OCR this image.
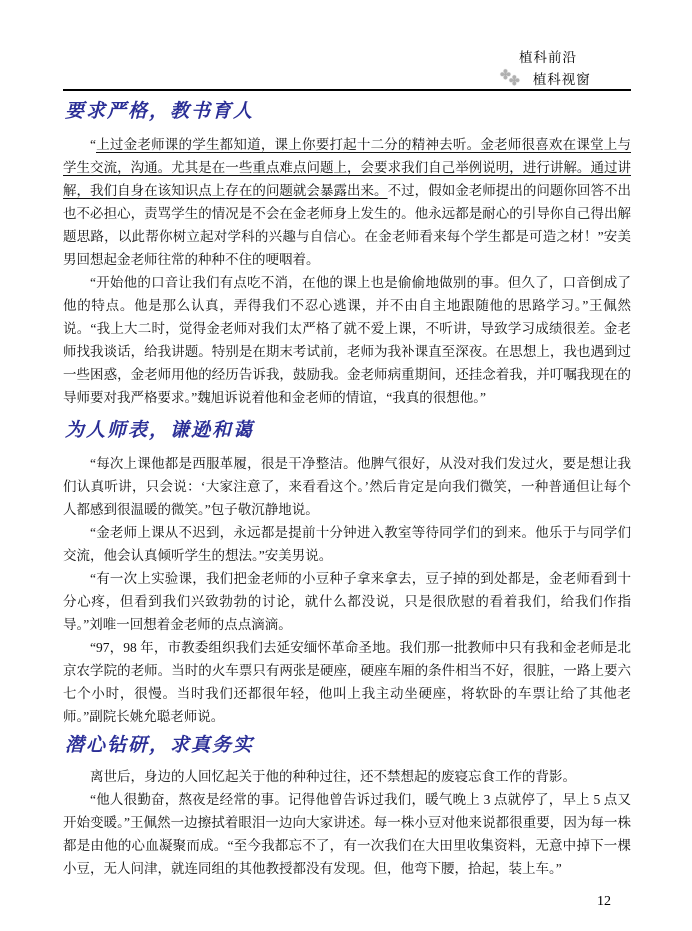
植科前沿
✤
✤ 植科视窗
要求严格，教书育人

“上过金老师课的学生都知道，课上你要打起十二分的精神去听。金老师很喜欢在课堂上与学生交流，沟通。尤其是在一些重点难点问题上，会要求我们自己举例说明，进行讲解。通过讲解，我们自身在该知识点上存在的问题就会暴露出来。不过，假如金老师提出的问题你回答不出也不必担心，责骂学生的情况是不会在金老师身上发生的。他永远都是耐心的引导你自己得出解题思路，以此帮你树立起对学科的兴趣与自信心。在金老师看来每个学生都是可造之材！”安美男回想起金老师往常的种种不住的哽咽着。

“开始他的口音让我们有点吃不消，在他的课上也是偷偷地做别的事。但久了，口音倒成了他的特点。他是那么认真，弄得我们不忍心逃课，并不由自主地跟随他的思路学习。”王佩然说。“我上大二时，觉得金老师对我们太严格了就不爱上课，不听讲，导致学习成绩很差。金老师找我谈话，给我讲题。特别是在期末考试前，老师为我补课直至深夜。在思想上，我也遇到过一些困惑，金老师用他的经历告诉我，鼓励我。金老师病重期间，还挂念着我，并叮嘱我现在的导师要对我严格要求。”魏旭诉说着他和金老师的情谊，“我真的很想他。”

为人师表，谦逊和蔼

“每次上课他都是西服革履，很是干净整洁。他脾气很好，从没对我们发过火，要是想让我们认真听讲，只会说：‘大家注意了，来看看这个。’然后肯定是向我们微笑，一种普通但让每个人都感到很温暖的微笑。”包子敬沉静地说。

“金老师上课从不迟到，永远都是提前十分钟进入教室等待同学们的到来。他乐于与同学们交流，他会认真倾听学生的想法。”安美男说。

“有一次上实验课，我们把金老师的小豆种子拿来拿去，豆子掉的到处都是，金老师看到十分心疼，但看到我们兴致勃勃的讨论，就什么都没说，只是很欣慰的看着我们，给我们作指导。”刘唯一回想着金老师的点点滴滴。

“97，98 年，市教委组织我们去延安缅怀革命圣地。我们那一批教师中只有我和金老师是北京农学院的老师。当时的火车票只有两张是硬座，硬座车厢的条件相当不好，很脏，一路上要六七个小时，很慢。当时我们还都很年轻，他叫上我主动坐硬座，将软卧的车票让给了其他老师。”副院长姚允聪老师说。

潜心钻研，求真务实

离世后，身边的人回忆起关于他的种种过往，还不禁想起的废寝忘食工作的背影。

“他人很勤奋，熬夜是经常的事。记得他曾告诉过我们，暖气晚上 3 点就停了，早上 5 点又开始变暖。”王佩然一边擦拭着眼泪一边向大家讲述。每一株小豆对他来说都很重要，因为每一株都是由他的心血凝聚而成。“至今我都忘不了，有一次我们在大田里收集资料，无意中掉下一棵小豆，无人问津，就连同组的其他教授都没有发现。但，他弯下腰，拾起，装上车。”

12
